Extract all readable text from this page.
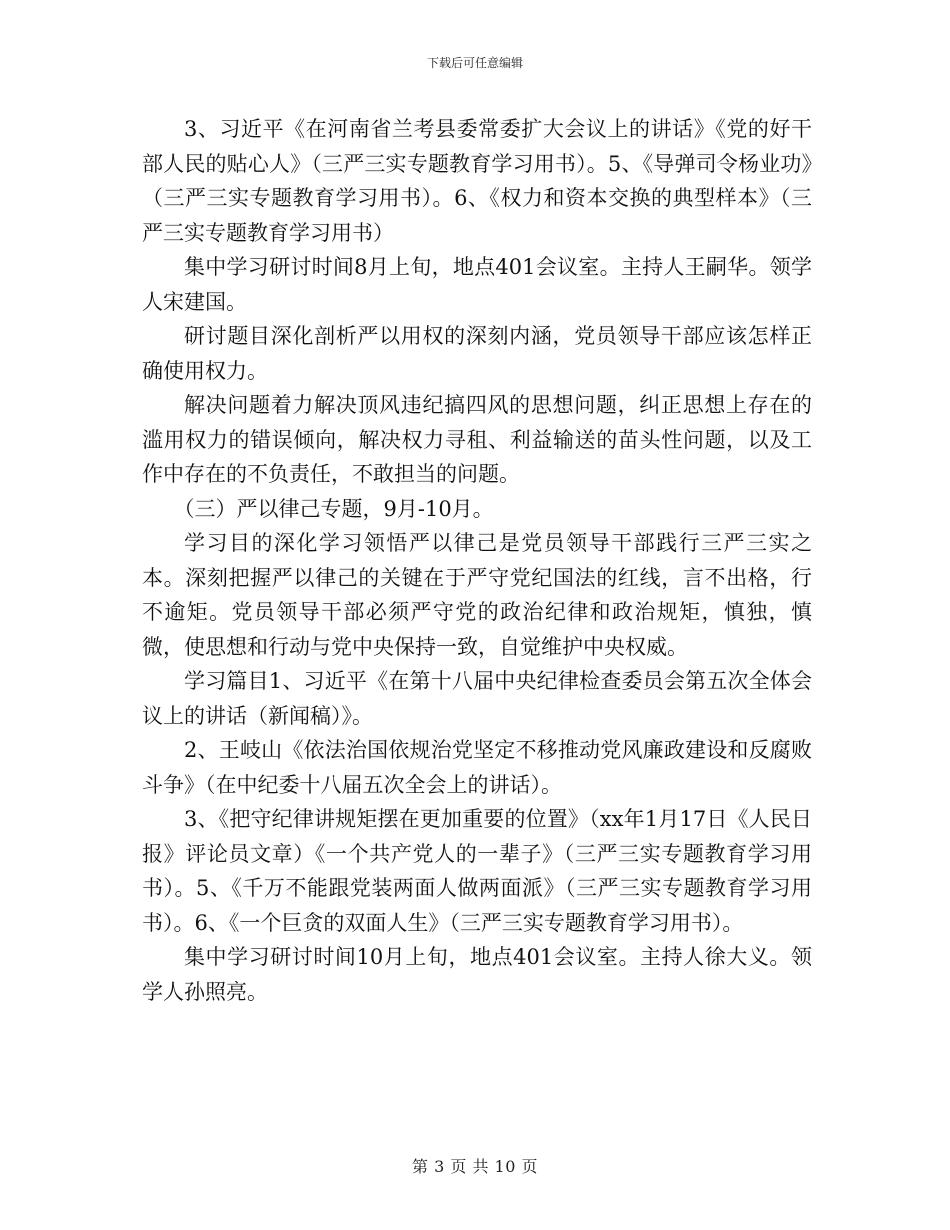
下载后可任意编辑

3、习近平《在河南省兰考县委常委扩大会议上的讲话》《党的好干部人民的贴心人》（三严三实专题教育学习用书）。5、《导弹司令杨业功》（三严三实专题教育学习用书）。6、《权力和资本交换的典型样本》（三严三实专题教育学习用书）

集中学习研讨时间8月上旬，地点401会议室。主持人王嗣华。领学人宋建国。

研讨题目深化剖析严以用权的深刻内涵，党员领导干部应该怎样正确使用权力。

解决问题着力解决顶风违纪搞四风的思想问题，纠正思想上存在的滥用权力的错误倾向，解决权力寻租、利益输送的苗头性问题，以及工作中存在的不负责任，不敢担当的问题。

（三）严以律己专题，9月-10月。

学习目的深化学习领悟严以律己是党员领导干部践行三严三实之本。深刻把握严以律己的关键在于严守党纪国法的红线，言不出格，行不逾矩。党员领导干部必须严守党的政治纪律和政治规矩，慎独，慎微，使思想和行动与党中央保持一致，自觉维护中央权威。

学习篇目1、习近平《在第十八届中央纪律检查委员会第五次全体会议上的讲话（新闻稿）》。

2、王岐山《依法治国依规治党坚定不移推动党风廉政建设和反腐败斗争》（在中纪委十八届五次全会上的讲话）。

3、《把守纪律讲规矩摆在更加重要的位置》（xx年1月17日《人民日报》评论员文章）《一个共产党人的一辈子》（三严三实专题教育学习用书）。5、《千万不能跟党装两面人做两面派》（三严三实专题教育学习用书）。6、《一个巨贪的双面人生》（三严三实专题教育学习用书）。

集中学习研讨时间10月上旬，地点401会议室。主持人徐大义。领学人孙照亮。

第 3 页 共 10 页
